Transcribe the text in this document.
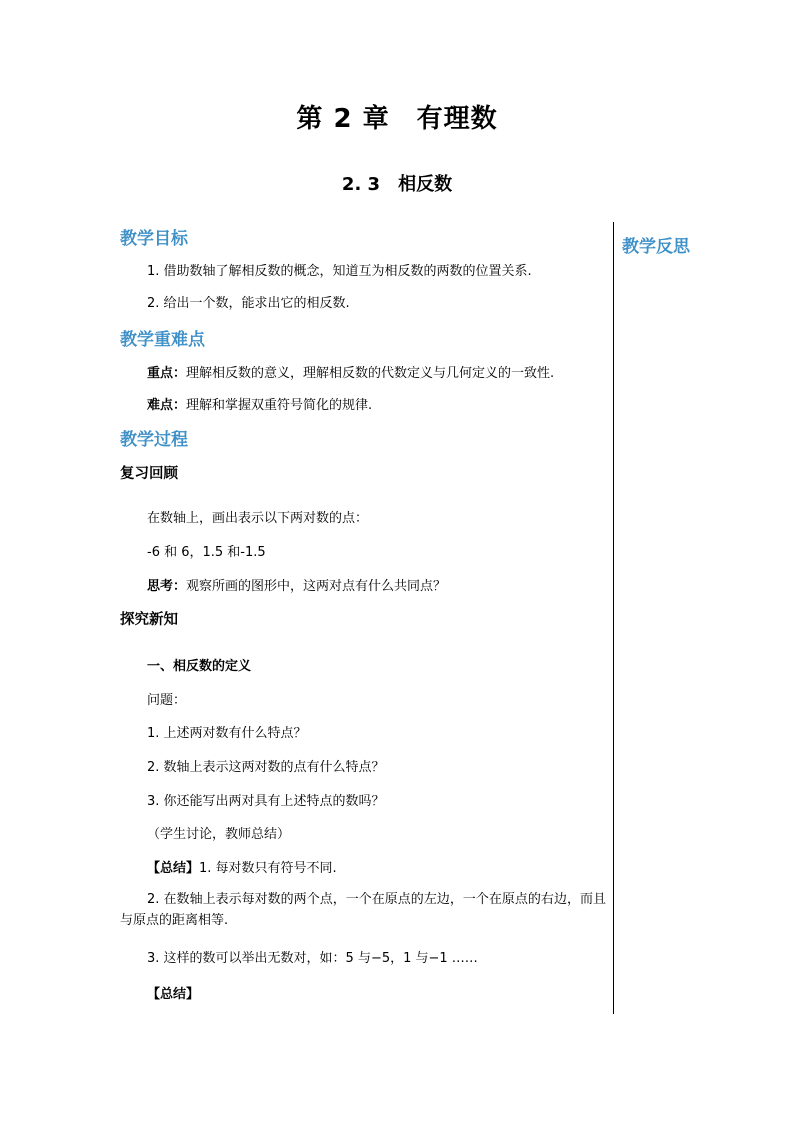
第 2 章　有理数
2. 3　相反数
教学反思
教学目标
1. 借助数轴了解相反数的概念，知道互为相反数的两数的位置关系.
2. 给出一个数，能求出它的相反数.
教学重难点
重点：理解相反数的意义，理解相反数的代数定义与几何定义的一致性.
难点：理解和掌握双重符号简化的规律.
教学过程
复习回顾
在数轴上，画出表示以下两对数的点：
-6 和 6，1.5 和-1.5
思考：观察所画的图形中，这两对点有什么共同点？
探究新知
一、相反数的定义
问题：
1. 上述两对数有什么特点？
2. 数轴上表示这两对数的点有什么特点？
3. 你还能写出两对具有上述特点的数吗？
（学生讨论，教师总结）
【总结】1. 每对数只有符号不同.
2. 在数轴上表示每对数的两个点，一个在原点的左边，一个在原点的右边，而且与原点的距离相等.
3. 这样的数可以举出无数对，如：5 与−5，1 与−1 ……
【总结】
